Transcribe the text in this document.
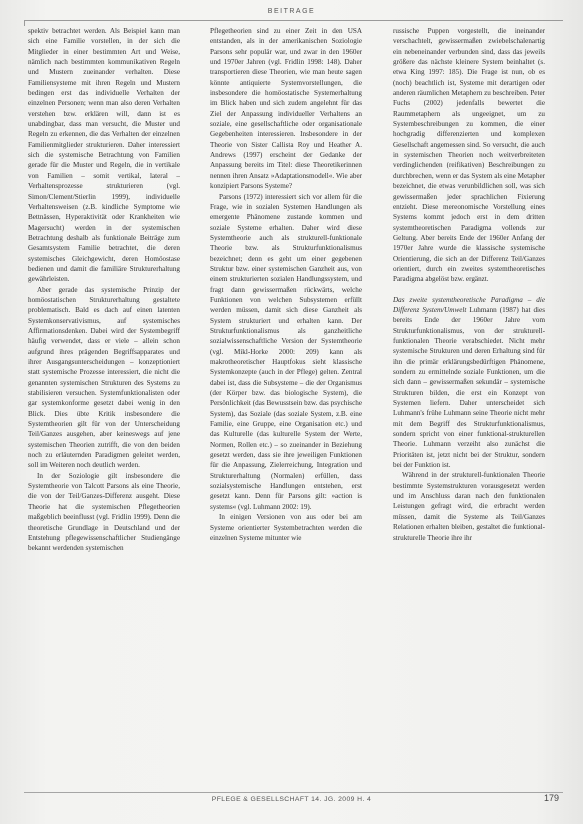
BEITRAGE

spektiv betrachtet werden. Als Beispiel kann man sich eine Familie vorstellen, in der sich die Mitglieder in einer bestimmten Art und Weise, nämlich nach bestimmten kommunikativen Regeln und Mustern zueinander verhalten. Diese Familiensysteme mit ihren Regeln und Mustern bedingen erst das individuelle Verhalten der einzelnen Personen; wenn man also deren Verhalten verstehen bzw. erklären will, dann ist es unabdingbar, dass man versucht, die Muster und Regeln zu erkennen, die das Verhalten der einzelnen Familienmitglieder strukturieren. Daher interessiert sich die systemische Betrachtung von Familien gerade für die Muster und Regeln, die in vertikale von Familien – somit vertikal, lateral – Verhaltensprozesse strukturieren (vgl. Simon/Clement/Stierlin 1999), individuelle Verhaltensweisen (z.B. kindliche Symptome wie Bettnässen, Hyperaktivität oder Krankheiten wie Magersucht) werden in der systemischen Betrachtung deshalb als funktionale Beiträge zum Gesamtsystem Familie betrachtet, die deren systemisches Gleichgewicht, deren Homöostase bedienen und damit die familiäre Strukturerhaltung gewährleisten.

Aber gerade das systemische Prinzip der homöostatischen Strukturerhaltung gestaltete problematisch. Bald es dach auf einen latenten Systemkonservativismus, auf systemisches Affirmationsdenken. Dabei wird der Systembegriff häufig verwendet, dass er viele – allein schon aufgrund ihres prägenden Begriffsapparates und ihrer Ausgangsunterscheidungen – konzeptioniert statt systemische Prozesse interessiert, die nicht die genannten systemischen Strukturen des Systems zu stabilisieren versuchen. Systemfunktionalisten oder gar systemkonforme gesetzt dabei wenig in den Blick. Dies übte Kritik insbesondere die Systemtheorien gilt für von der Unterscheidung Teil/Ganzes ausgehen, aber keineswegs auf jene systemischen Theorien zutrifft, die von den beiden noch zu erläuternden Paradigmen geleitet werden, soll im Weiteren noch deutlich werden.

In der Soziologie gilt insbesondere die Systemtheorie von Talcott Parsons als eine Theorie, die von der Teil/Ganzes-Differenz ausgeht. Diese Theorie hat die systemischen Pflegetheorien maßgeblich beeinflusst (vgl. Fridlin 1999). Denn die theoretische Grundlage in Deutschland und der Entstehung pflegewissenschaftlicher Studiengänge bekannt werdenden systemischen

Pflegetheorien sind zu einer Zeit in den USA entstanden, als in der amerikanischen Soziologie Parsons sehr populär war, und zwar in den 1960er und 1970er Jahren (vgl. Fridlin 1998: 148). Daher transportieren diese Theorien, wie man heute sagen könnte antiquierte Systemvorstellungen, die insbesondere die homöostatische Systemerhaltung im Blick haben und sich zudem angelehnt für das Ziel der Anpassung individueller Verhaltens an soziale, eine gesellschaftliche oder organisationale Gegebenheiten interessieren. Insbesondere in der Theorie von Sister Callista Roy und Heather A. Andrews (1997) erscheint der Gedanke der Anpassung bereits im Titel: diese Theoretikerinnen nennen ihren Ansatz »Adaptationsmodell«. Wie aber konzipiert Parsons Systeme?

Parsons (1972) interessiert sich vor allem für die Frage, wie in sozialen Systemen Handlungen als emergente Phänomene zustande kommen und soziale Systeme erhalten. Daher wird diese Systemtheorie auch als strukturell-funktionale Theorie bzw. als Strukturfunktionalismus bezeichnet; denn es geht um einer gegebenen Struktur bzw. einer systemischen Ganzheit aus, von einem strukturierten sozialen Handlungssystem, und fragt dann gewissermaßen rückwärts, welche Funktionen von welchen Subsystemen erfüllt werden müssen, damit sich diese Ganzheit als System strukturiert und erhalten kann. Der Strukturfunktionalismus als ganzheitliche sozialwissenschaftliche Version der Systemtheorie (vgl. Mikl-Horke 2000: 209) kann als makrotheoretischer Hauptfokus sieht klassische Systemkonzepte (auch in der Pflege) gelten. Zentral dabei ist, dass die Subsysteme – die der Organismus (der Körper bzw. das biologische System), die Persönlichkeit (das Bewusstsein bzw. das psychische System), das Soziale (das soziale System, z.B. eine Familie, eine Gruppe, eine Organisation etc.) und das Kulturelle (das kulturelle System der Werte, Normen, Rollen etc.) – so zueinander in Beziehung gesetzt werden, dass sie ihre jeweiligen Funktionen für die Anpassung, Zielerreichung, Integration und Strukturerhaltung (Normalen) erfüllen, dass sozialsystemische Handlungen entstehen, erst gesetzt kann. Denn für Parsons gilt: »action is systems« (vgl. Luhmann 2002: 19).

In einigen Versionen von aus oder bei am Systeme orientierter Systembetrachten werden die einzelnen Systeme mitunter wie

russische Puppen vorgestellt, die ineinander verschachtelt, gewissermaßen zwiebelschalenartig ein nebeneinander verbunden sind, dass das jeweils größere das nächste kleinere System beinhaltet (s. etwa King 1997: 185). Die Frage ist nun, ob es (noch) beachtlich ist, Systeme mit derartigen oder anderen räumlichen Metaphern zu beschreiben. Peter Fuchs (2002) jedenfalls bewertet die Raummetaphern als ungeeignet, um zu Systembeschreibungen zu kommen, die einer hochgradig differenzierten und komplexen Gesellschaft angemessen sind. So versucht, die auch in systemischen Theorien noch weitverbreiteten verdinglichenden (reifikativen) Beschreibungen zu durchbrechen, wenn er das System als eine Metapher bezeichnet, die etwas verunbildlichen soll, was sich gewissermaßen jeder sprachlichen Fixierung entzieht. Diese mereonomische Vorstellung eines Systems kommt jedoch erst in dem dritten systemtheoretischen Paradigma vollends zur Geltung. Aber bereits Ende der 1960er Anfang der 1970er Jahre wurde die klassische systemische Orientierung, die sich an der Differenz Teil/Ganzes orientiert, durch ein zweites systemtheoretisches Paradigma abgelöst bzw. ergänzt.

Das zweite systemtheoretische Paradigma – die Differenz System/Umwelt Luhmann (1987) hat dies bereits Ende der 1960er Jahre vom Strukturfunktionalismus, von der strukturell-funktionalen Theorie verabschiedet. Nicht mehr systemische Strukturen und deren Erhaltung sind für ihn die primär erklärungsbedürftigen Phänomene, sondern zu ermittelnde soziale Funktionen, um die sich dann – gewissermaßen sekundär – systemische Strukturen bilden, die erst ein Konzept von Systemen liefern. Daher unterscheidet sich Luhmann's frühe Luhmann seine Theorie nicht mehr mit dem Begriff des Strukturfunktionalismus, sondern spricht von einer funktional-strukturellen Theorie. Luhmann verzeiht also zunächst die Prioritäten ist, jetzt nicht bei der Struktur, sondern bei der Funktion ist.

Während in der strukturell-funktionalen Theorie bestimmte Systemstrukturen vorausgesetzt werden und im Anschluss daran nach den funktionalen Leistungen gefragt wird, die erbracht werden müssen, damit die Systeme als Teil/Ganzes Relationen erhalten bleiben, gestaltet die funktional-strukturelle Theorie ihre ihr

PFLEGE & GESELLSCHAFT 14. JG. 2009 H. 4	179
